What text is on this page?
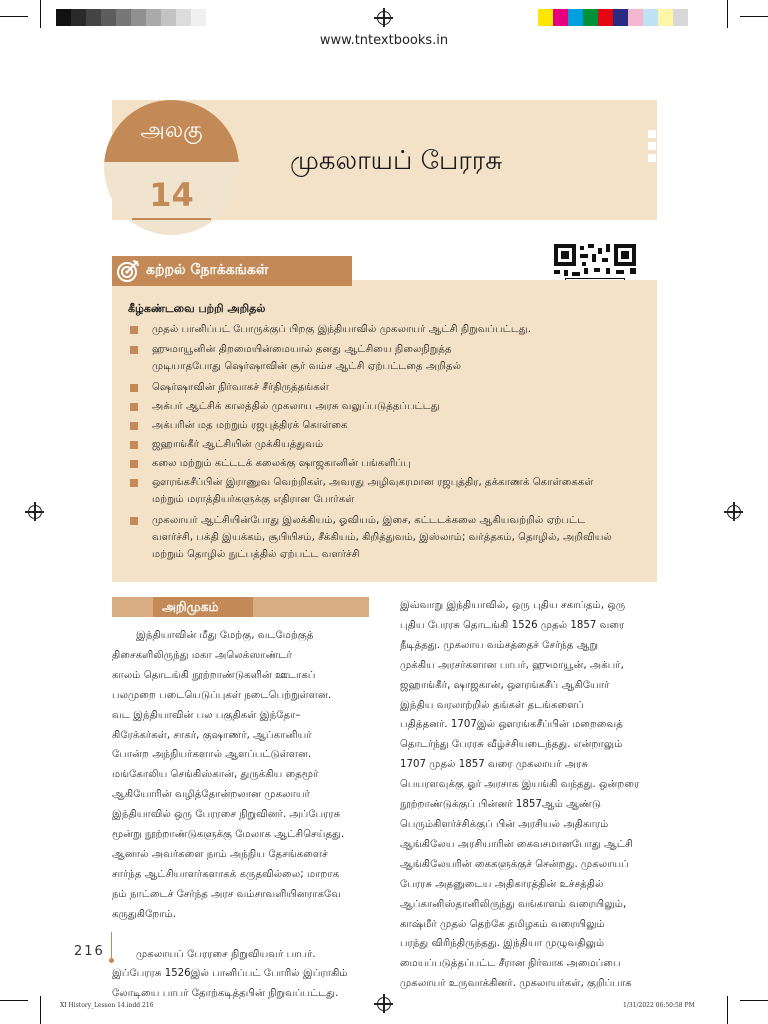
www.tntextbooks.in
அலகு
14
முகலாயப் பேரரசு
கற்றல் நோக்கங்கள்
கீழ்கண்டவை பற்றி அறிதல்
முதல் பானிப்பட் போருக்குப் பிறகு இந்தியாவில் முகலாயர் ஆட்சி நிறுவப்பட்டது.
ஹுமாயூனின் திறமையின்மையால் தனது ஆட்சியை நிலைநிறுத்த
முடியாதபோது ஷெர்ஷாவின் சூர் வம்ச ஆட்சி ஏற்பட்டதை அறிதல்
ஷெர்ஷாவின் நிர்வாகச் சீர்திருத்தங்கள்
அக்பர் ஆட்சிக் காலத்தில் முகலாய அரசு வலுப்படுத்தப்பட்டது
அக்பரின் மத மற்றும் ரஜபுத்திரக் கொள்கை
ஜஹாங்கீர் ஆட்சியின் முக்கியத்துவம்
கலை மற்றும் கட்டடக் கலைக்கு ஷாஜகானின் பங்களிப்பு
ஔரங்கசீப்பின் இராணுவ வெற்றிகள், அவரது அழிவுகரமான ரஜபுத்திர, தக்காணக் கொள்கைகள்
மற்றும் மராத்தியர்களுக்கு எதிரான போர்கள்
முகலாயர் ஆட்சியின்போது இலக்கியம், ஓவியம், இசை, கட்டடக்கலை ஆகியவற்றில் ஏற்பட்ட
வளர்ச்சி, பக்தி இயக்கம், சூபியிசம், சீக்கியம், கிறித்துவம், இஸ்லாம்; வர்த்தகம், தொழில், அறிவியல்
மற்றும் தொழில் நுட்பத்தில் ஏற்பட்ட வளர்ச்சி
அறிமுகம்
இந்தியாவின் மீது மேற்கு, வடமேற்குத்
திசைகளிலிருந்து மகா அலெக்ஸாண்டர்
காலம் தொடங்கி நூற்றாண்டுகளின் ஊடாகப்
பலமுறை படையெடுப்புகள் நடைபெற்றுள்ளன.
வட இந்தியாவின் பல பகுதிகள் இந்தோ–
கிரேக்கர்கள், சாகர், குஷாணர், ஆப்கானியர்
போன்ற அந்நியர்களால் ஆளப்பட்டுள்ளன.
மங்கோலிய செங்கிஸ்கான், துருக்கிய தைமூர்
ஆகியோரின் வழித்தோன்றலான முகலாயர்
இந்தியாவில் ஒரு பேரரசை நிறுவினர். அப்பேரரசு
மூன்று நூற்றாண்டுகளுக்கு மேலாக ஆட்சிசெய்தது.
ஆனால் அவர்களை நாம் அந்நிய தேசங்களைச்
சார்ந்த ஆட்சியாளர்களாகக் கருதவில்லை; மாறாக
நம் நாட்டைச் சேர்ந்த அரச வம்சாவளியினராகவே
கருதுகிறோம்.

முகலாயப் பேரரசை நிறுவியவர் பாபர்.
இப்பேரரசு 1526இல் பானிப்பட் போரில் இப்ராகிம்
லோடியை பாபர் தோற்கடித்தபின் நிறுவப்பட்டது.
இவ்வாறு இந்தியாவில், ஒரு புதிய சகாப்தம், ஒரு
புதிய பேரரசு தொடங்கி 1526 முதல் 1857 வரை
நீடித்தது. முகலாய வம்சத்தைச் சேர்ந்த ஆறு
முக்கிய அரசர்களான பாபர், ஹுமாயூன், அக்பர்,
ஜஹாங்கீர், ஷாஜகான், ஔரங்கசீப் ஆகியோர்
இந்திய வரலாற்றில் தங்கள் தடங்களைப்
பதித்தனர். 1707இல் ஔரங்கசீப்பின் மறைவைத்
தொடர்ந்து பேரரசு வீழ்ச்சியடைந்தது. என்றாலும்
1707 முதல் 1857 வரை முகலாயர் அரசு
பெயரளவுக்கு ஓர் அரசாக இயங்கி வந்தது. ஒன்றரை
நூற்றாண்டுக்குப் பின்னர் 1857ஆம் ஆண்டு
பெரும்கிளர்ச்சிக்குப் பின் அரசியல் அதிகாரம்
ஆங்கிலேய அரசியாரின் கைவசமானபோது ஆட்சி
ஆங்கிலேயரின் கைகளுக்குச் சென்றது. முகலாயப்
பேரரசு அதனுடைய அதிகாரத்தின் உச்சத்தில்
ஆப்கானிஸ்தானிலிருந்து வங்காளம் வரையிலும்,
காஷ்மீர் முதல் தெற்கே தமிழகம் வரையிலும்
பரந்து விரிந்திருந்தது. இந்தியா முழுவதிலும்
மையப்படுத்தப்பட்ட சீரான நிர்வாக அமைப்பை
முகலாயர் உருவாக்கினர். முகலாயர்கள், குறிப்பாக
216
XI History_Lesson 14.indd 216	1/31/2022 06:50:58 PM
